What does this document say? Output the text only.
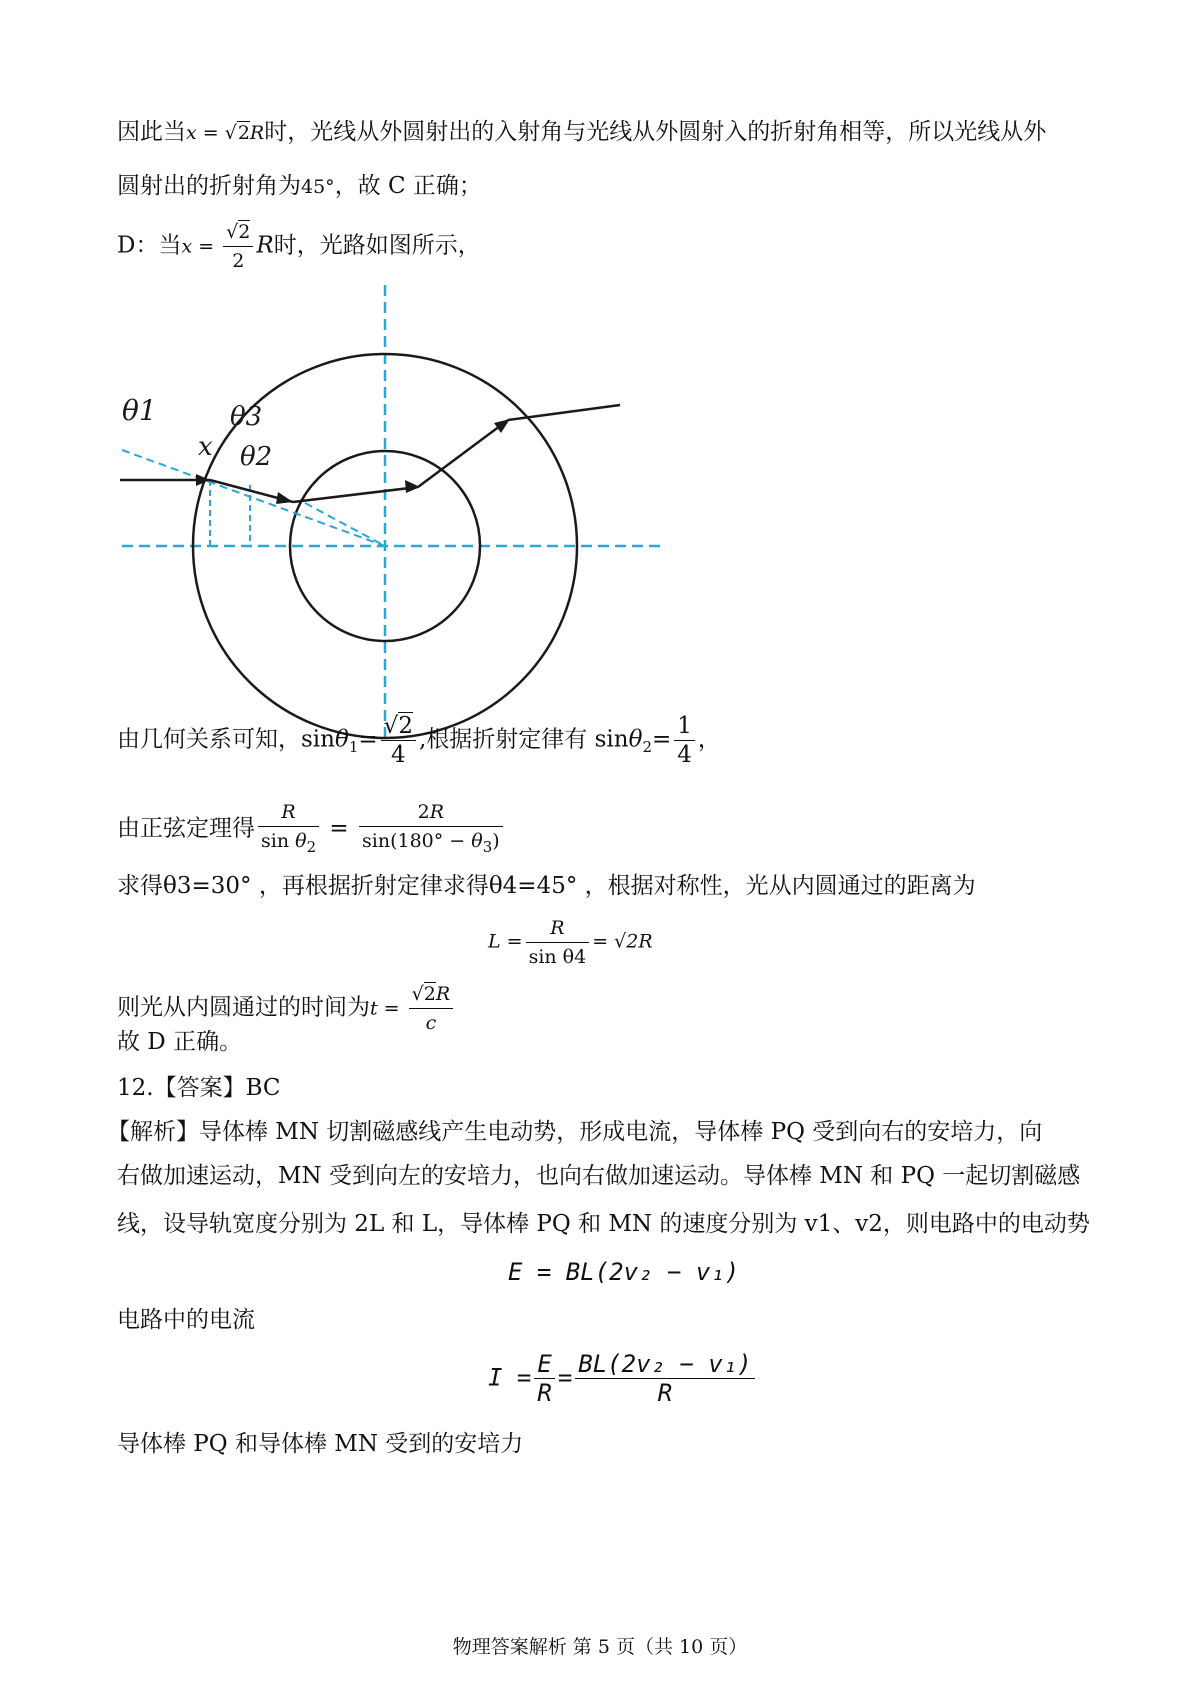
因此当x = √2R时，光线从外圆射出的入射角与光线从外圆射入的折射角相等，所以光线从外
圆射出的折射角为45°，故 C 正确；
D：当$x = \frac{√2}{2}$ R时，光路如图所示，
θ1	θ3
θ2
x
由几何关系可知，$\sin\theta_1= \frac{√2}{4}$ ,根据折射定律有 $\sin\theta_2= \frac{1}{4}$ ，
由正弦定理得 $\frac{R}{\sin \theta_2} = \frac{2R}{\sin(180^\circ - \theta_3)}$
求得θ3=30° ，再根据折射定律求得θ4=45° ，根据对称性，光从内圆通过的距离为
$L = \frac{R}{\text{sin θ4}} = √2R$
则光从内圆通过的时间为$t = \frac{√2R}{c}$
故 D 正确。
12.【答案】BC
【解析】导体棒 MN 切割磁感线产生电动势，形成电流，导体棒 PQ 受到向右的安培力，向
右做加速运动，MN 受到向左的安培力，也向右做加速运动。导体棒 MN 和 PQ 一起切割磁感
线，设导轨宽度分别为 2L 和 L，导体棒 PQ 和 MN 的速度分别为 v1、v2，则电路中的电动势
E = BL(2v₂ − v₁)
电路中的电流
$I = \frac{E}{R} = \frac{\text{BL(2v₂ − v₁)}}{R}$
导体棒 PQ 和导体棒 MN 受到的安培力
物理答案解析 第 5 页（共 10 页）
